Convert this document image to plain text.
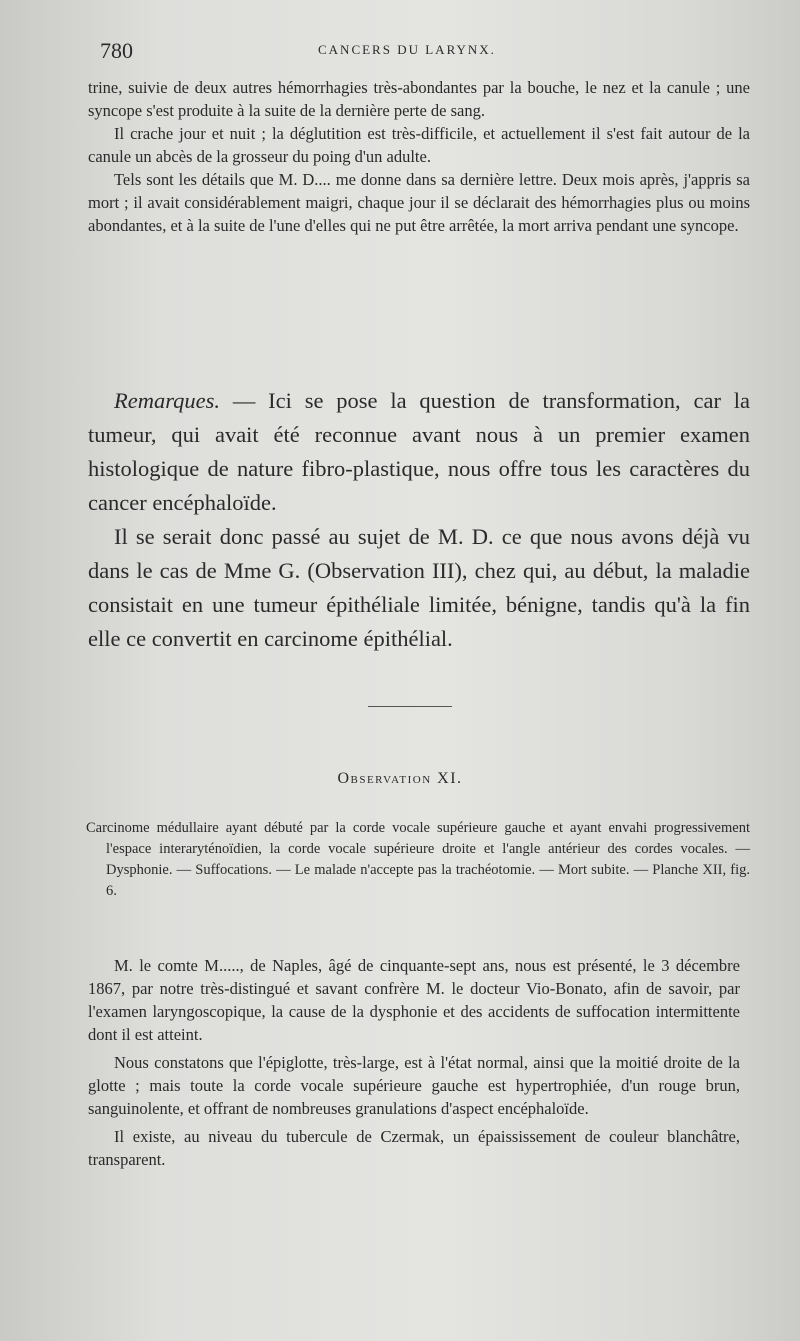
780	CANCERS DU LARYNX.

trine, suivie de deux autres hémorrhagies très-abondantes par la bouche, le nez et la canule ; une syncope s'est produite à la suite de la dernière perte de sang.

Il crache jour et nuit ; la déglutition est très-difficile, et actuellement il s'est fait autour de la canule un abcès de la grosseur du poing d'un adulte.

Tels sont les détails que M. D.... me donne dans sa dernière lettre. Deux mois après, j'appris sa mort ; il avait considérablement maigri, chaque jour il se déclarait des hémorrhagies plus ou moins abondantes, et à la suite de l'une d'elles qui ne put être arrêtée, la mort arriva pendant une syncope.

Remarques. — Ici se pose la question de transformation, car la tumeur, qui avait été reconnue avant nous à un premier examen histologique de nature fibro-plastique, nous offre tous les caractères du cancer encéphaloïde.

Il se serait donc passé au sujet de M. D. ce que nous avons déjà vu dans le cas de Mme G. (Observation III), chez qui, au début, la maladie consistait en une tumeur épithéliale limitée, bénigne, tandis qu'à la fin elle ce convertit en carcinome épithélial.

Observation XI.
Carcinome médullaire ayant débuté par la corde vocale supérieure gauche et ayant envahi progressivement l'espace interaryténoïdien, la corde vocale supérieure droite et l'angle antérieur des cordes vocales. — Dysphonie. — Suffocations. — Le malade n'accepte pas la trachéotomie. — Mort subite. — Planche XII, fig. 6.

M. le comte M....., de Naples, âgé de cinquante-sept ans, nous est présenté, le 3 décembre 1867, par notre très-distingué et savant confrère M. le docteur Vio-Bonato, afin de savoir, par l'examen laryngoscopique, la cause de la dysphonie et des accidents de suffocation intermittente dont il est atteint.

Nous constatons que l'épiglotte, très-large, est à l'état normal, ainsi que la moitié droite de la glotte ; mais toute la corde vocale supérieure gauche est hypertrophiée, d'un rouge brun, sanguinolente, et offrant de nombreuses granulations d'aspect encéphaloïde.

Il existe, au niveau du tubercule de Czermak, un épaississement de couleur blanchâtre, transparent.
